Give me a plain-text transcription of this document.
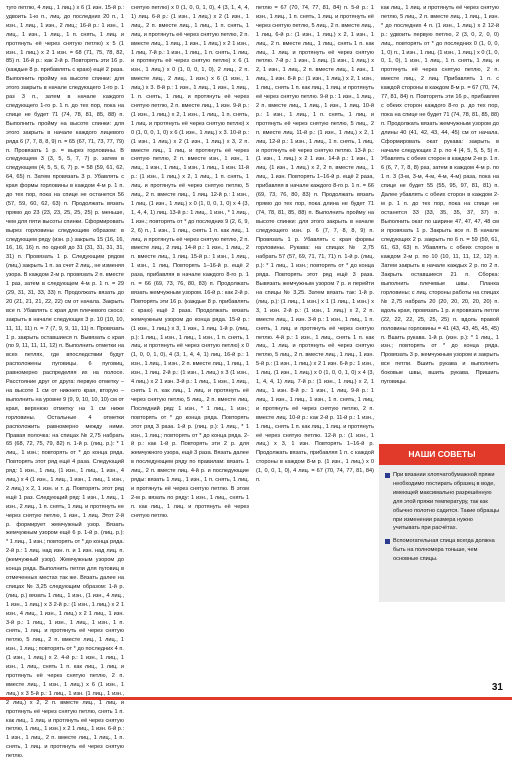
туго петлю, 4 лиц., 1 лиц.) х 6 (1 изн. 15-й р.: удвоить 1-ю п., лиц. до последних 20 п., 1 изн., 1 лиц., 1 изн., 2 лиц.; 16-й р.: 1 изн., 1 лиц., 1 изн., 1 лиц., 1 п. снять, 1 лиц. и протянуть её через снятую петлю) х 5 (1 изн., 1 лиц.) х 2 1 изн. = 68 (71, 75, 78, 82, 85) п. 16-й р.: как 2-й р. Повторять эти 16 р. (каждые 8 р. прибавлять с краю) ещё 2 раза. Выполнить пройму на высоте спинки: для этого закрыть в начале следующего 1-го р. 1 раз 3 п., затем в начале каждого следующего 1-го р. 1 п. до тех пор, пока на спице не будет 71 (74, 78, 81, 85, 88) п. Выполнить пройму на высоте спинки: для этого закрыть в начале каждого лицевого ряда 6 (7, 7, 8, 8, 9) п. = 65 (67, 71, 73, 77, 79) п. Провязать 1 р. = вырез горловины. В следующем 3 (3, 5, 5, 7, 7) р. затем в следующем (4, 5, 5, 6, 7) р. = 58 (59, 61, 62, 64, 65) п. Затем провязать 3 р. Убавлять с края формы горловины в каждом 4-м р. 1 п. до тех пор, пока на спице не останется 56 (57, 59, 60, 62, 63) п. Продолжать вязать прямо до 23 (23, 23, 25, 25, 25) р. меньше, чем для пяти высоты спинки. Сформировать вырез горловины следующим образом: в следующем ряду (изн. р.) закрыть 15 (16, 16, 16, 16, 16) п. по одной до 31 (31, 31, 31, 31, 31) п. Провязать 1 р. Следующим рядом (лиц.) закрыть 1 п. за счет 2 лиц., не изменяя узора. В каждом 2-м р. провязать 2 п. вместе 1 раз, затем в следующем 4-м р. 1 п. = 29 (29, 31, 31, 33, 33) п. Продолжать вязать до 20 (21, 21, 21, 22, 22) см от начала. Закрыть все п. Убавлять с края для плечевого скоса: закрыть в начале следующих 3 р. 10 (10, 10, 11, 11, 11) п. = 7 (7, 9, 9, 11, 11) п. Провязать 1 р. закрыть оставшиеся п. Вывязать с края (по 9, 11, 11, 11, 12) п. Выполнить отметки на всех петлях, где впоследствии будут расположены пуговицы. 6 пуговиц, равномерно распределяя их на полосе. Расстояние друг от друга: первую отметку – на высоте 1 см от нижнего края, вторую – выполнить на уровне 9 (9, 9, 10, 10, 10) см от края, верхнюю отметку на 1 см ниже горловины. Остальные 4 отметки расположить равномерно между ними. Правая полочка: на спицах № 2,75 набрать 65 (68, 72, 75, 79, 82) п. 1-й р. (лиц. р.): * 1 лиц., 1 изн.; повторять от * до конца ряда. Повторять этот ряд ещё 4 раза. Следующий ряд: 1 изн., 1 лиц. (1 изн., 1 лиц., 1 изн., 4 лиц.) х 4 (1 изн., 1 лиц., 1 изн., 1 лиц., 1 изн., 2 лиц.) х 2, 1 изн. и т. д. Повторять этот ряд ещё 1 раз. Следующий ряд: 1 изн., 1 лиц., 1 изн., 2 лиц., 1 п. снять, 1 лиц. и протянуть ее через снятую петлю, 1 изн., 1 лиц. Этот 2-й р. формирует жемчужный узор. Вязать жемчужным узором ещё 6 р. 1-й р. (лиц. р.): * 1 лиц., 1 изн.; повторять от * до конца ряда. 2-й р.: 1 лиц. над изн. п. и 1 изн. над лиц. п. (жемчужный узор). Жемчужным узором до конца ряда. Выполнить петли для пуговиц в отмеченных местах так же. Вязать далее на спицах № 3,25 следующим образом: 1-й р. (лиц. р.) вязать 1 лиц., 1 изн., (1 изн., 4 лиц., 1 изн., 1 лиц.) х 3 2-й р.: (1 изн., 1 лиц.) х 2 1 изн., 4 лиц., 1 изн., 1 лиц.) х 2 1 лиц., 1 изн. 3-й р.: 1 лиц., 1 изн., 1 лиц., 1 изн., 1 п. снять, 1 лиц. и протянуть её через снятую петлю, 5 лиц., 2 п. вместе лиц., 1 лиц., 1 изн., 1 лиц.; повторять от * до последних 4 п. (1 изн., 1 лиц.) х 2. 4-й р.: 1 изн., 1 лиц., 1 изн., 1 лиц., снять 1 п. как лиц., 1 лиц. и протянуть её через снятую петлю, 2 п. вместе лиц., 1 изн., 1 лиц.) х 6 (1 изн., 1 лиц.) х 3 5-й р.: 1 лиц., 1 изн. (1 лиц., 1 изн., 2 лиц.) х 2, 2 п. вместе лиц., 1 лиц. и протянуть её через снятую петлю, снять 1 п. как лиц., 1 лиц. и протянуть её через снятую петлю, 1 лиц., 1 изн.) х 2 1 лиц., 1 изн. 6-й р.: 1 изн., 1 лиц., 2 п. вместе лиц., 1 лиц., 1 п. снять, 1 лиц. и протянуть её через снятую петлю.

снятую петлю) х 0 (1, 0, 0, 1, 0), 4 (3, 1, 4, 4, 1) лиц. 6-й р.: (1 изн., 1 лиц.) х 2 (1 изн., 1 лиц., 2 п. вместе лиц., 1 лиц., 1 п. снять, 1 лиц. и протянуть её через снятую петлю, 2 п. вместе лиц., 1 лиц., 1 изн., 1 лиц.) х 2 1 изн., 1 лиц. 7-й р.: 1 изн., 1 лиц., 1 п. снять, 1 лиц. и протянуть её через снятую петлю) х 6 (1 изн., 1 лиц.) х 0 (1, 0, 0, 1, 0), 2 лиц., 2 п. вместе лиц., 2 лиц., 1 изн.) х 6 (1 изн., 1 лиц.) х 3. 8-й р.: 1 изн., 1 лиц., 1 изн., 1 лиц., 1 п. снять, 1 лиц. и протянуть её через снятую петлю, 2 п. вместе лиц., 1 изн. 9-й р.: (1 изн., 1 лиц.) х 2, 1 изн., 1 лиц., 1 п. снять, 1 лиц. и протянуть её через снятую петлю) х 0 (1, 0, 0, 1, 0) х 6 (1 изн., 1 лиц.) х 3. 10-й р.: (1 изн., 1 лиц.) х 2 (1 изн., 1 лиц.) х 3, 2 п. вместе лиц., 1 лиц. и протянуть её через снятую петлю, 2 п. вместе изн., 1 изн., 1 лиц., 1 изн., 1 лиц., 1 изн., 1 лиц., 1 изн. 11-й р.: (1 изн., 1 лиц.) х 2, 1 лиц., 1 п. снять, 1 лиц. и протянуть её через снятую петлю, 5 лиц., 2 п. вместе лиц., 1 лиц. 12-й р.: 1 изн., 1 лиц. (1 изн., 1 лиц.) х 0 (1, 0, 0, 1, 0) х 4 (3, 1, 4, 4, 1) лиц. 13-й р.: 1 лиц., 1 изн., * 1 лиц., 1 изн.; повторять от * до последних 9 (2, 6, 9, 2, 6) п., 1 изн., 1 лиц., снять 1 п. как лиц., 1 лиц. и протянуть её через снятую петлю, 2 п. вместе лиц., 2 лиц. 14-й р.: 1 изн., 1 лиц., 2 п. вместе лиц., 1 лиц. 15-й р.: 1 изн., 1 лиц., 1 изн., 1 лиц. Повторять 1–16-й р. ещё 2 раза, прибавляя в начале каждого 8-го р. 1 п. = 66 (69, 73, 76, 80, 83) п. Продолжать вязать жемчужным узором. 16-й р.: как 2-й р. Повторять эти 16 р. (каждые 8 р. прибавлять с краю) ещё 2 раза. Продолжать вязать жемчужным узором до конца ряда. 15-й р.: (1 изн., 1 лиц.) х 3, 1 изн., 1 лиц. 1-й р. (лиц. р.): 1 лиц., 1 изн., 1 лиц., 1 изн., 1 п. снять, 1 лиц. и протянуть её через снятую петлю) х 0 (1, 0, 0, 1, 0), 4 (3, 1, 4, 4, 1) лиц. 16-й р.: 1 изн., 1 лиц., 1 изн., 2 п. вместе лиц., 1 лиц., 1 изн., 1 лиц. 2-й р.: (1 изн., 1 лиц.) х 3 (1 изн., 4 лиц.) х 2 1 изн. 3-й р.: 1 лиц., 1 изн., 1 лиц., снять 1 п. как лиц., 1 лиц. и протянуть её через снятую петлю, 5 лиц., 2 п. вместе лиц. Последний ряд: 1 изн., * 1 лиц., 1 изн.; повторять от * до конца ряда. Повторять этот ряд 3 раза. 1-й р. (лиц. р.): 1 лиц., * 1 изн., 1 лиц.; повторять от * до конца ряда. 2-й р.: как 1-й р. Повторять эти 2 р. для жемчужного узора, ещё 3 раза. Вязать далее в последующем ряду по правилам: вязать 1 лиц., 2 п. вместе лиц. 4-й р. и последующие ряды: вязать 1 лиц., 1 изн., 1 п. снять, 1 лиц. и протянуть её через снятую петлю. В этом 2-м р. вязать по ряду: 1 изн., 1 лиц., снять 1 п. как лиц., 1 лиц. и протянуть её через снятую петлю.

петлю = 67 (70, 74, 77, 81, 84) п. 5-й р.: 1 изн., 1 лиц., 1 п. снять, 1 лиц. и протянуть её через снятую петлю, 5 лиц., 2 п. вместе лиц., 1 лиц. 6-й р.: (1 изн., 1 лиц.) х 2, 1 изн., 1 лиц., 2 п. вместе лиц., 1 лиц., снять 1 п. как лиц., 1 лиц. и протянуть её через снятую петлю. 7-й р.: 1 изн., 1 лиц. (1 изн., 1 лиц.) х 2, 1 изн., 1 лиц., 2 п. вместе лиц., 1 изн., 1 лиц., 1 изн. 8-й р.: (1 изн., 1 лиц.) х 2, 1 изн., 1 лиц., снять 1 п. как лиц., 1 лиц. и протянуть её через снятую петлю. 9-й р.: 1 изн., 1 лиц., 2 п. вместе лиц., 1 лиц., 1 изн., 1 лиц. 10-й р.: 1 изн., 1 лиц., 1 п. снять, 1 лиц. и протянуть её через снятую петлю, 5 лиц., 2 п. вместе лиц. 11-й р.: (1 изн., 1 лиц.) х 2, 1 лиц. 12-й р.: 1 изн., 1 лиц., 1 п. снять, 1 лиц. и протянуть её через снятую петлю. 13-й р.: (1 изн., 1 лиц.) х 2 1 изн. 14-й р.: 1 изн., 1 лиц. (1 изн., 1 лиц.) х 2, 2 п. вместе лиц., 1 лиц., 1 изн. Повторять 1–16-й р. ещё 2 раза, прибавляя в начале каждого 8-го р. 1 п. = 66 (69, 73, 76, 80, 83) п. Продолжать вязать прямо до тех пор, пока длина не будет 71 (74, 78, 81, 85, 88) п. Выполнить пройму на высоте спинки: для этого закрыть в начале следующего изн. р. 6 (7, 7, 8, 8, 9) п. Провязать 1 р. Убавлять с края формы горловины. Рукава: на спицах № 2,75 набрать 57 (57, 69, 71, 71, 71) п. 1-й р. (лиц. р.): * 1 лиц., 1 изн.; повторять от * до конца ряда. Повторять этот ряд ещё 3 раза. Вывязать жемчужным узором 7 р. и перейти на спицы № 3,25. Затем вязать так: 1-й р. (лиц. р.): (1 лиц., 1 изн.) х 1 (1 лиц., 1 изн.) х 3, 1 изн. 2-й р.: (1 изн., 1 лиц.) х 2, 2 п. вместе лиц., 1 изн. 3-й р.: 1 изн., 1 лиц., 1 п. снять, 1 лиц. и протянуть её через снятую петлю. 4-й р.: 1 изн., 1 лиц., снять 1 п. как лиц., 1 лиц. и протянуть её через снятую петлю, 5 лиц., 2 п. вместе лиц., 1 лиц., 1 изн. 5-й р.: (1 изн., 1 лиц.) х 2 1 изн. 6-й р.: 1 изн., 1 лиц. (1 изн., 1 лиц.) х 0 (1, 0, 0, 1, 0) х 4 (3, 1, 4, 4, 1) лиц. 7-й р.: (1 изн., 1 лиц.) х 2, 1 лиц., 1 изн. 8-й р.: 1 изн., 1 лиц. 9-й р.: 1 лиц., 1 изн., 1 лиц., 1 изн., 1 п. снять, 1 лиц. и протянуть её через снятую петлю, 2 п. вместе лиц. 10-й р.: как 2-й р. 11-й р.: 1 изн., 1 лиц., снять 1 п. как лиц., 1 лиц. и протянуть её через снятую петлю. 12-й р.: (1 изн., 1 лиц.) х 3, 1 изн. Повторять 1–16-й р. Продолжать вязать, прибавляя 1 п. с каждой стороны в каждом 8-м р. (1 изн., 1 лиц.) х 0 (1, 0, 0, 1, 0), 4 лиц. = 67 (70, 74, 77, 81, 84) п.

как лиц., 1 лиц. и протянуть её через снятую петлю, 5 лиц., 2 п. вместе лиц., 1 лиц., 1 изн. * до последних 4 п. (1 изн., 1 лиц.) х 2 12-й р.: удвоить первую петлю, 2 (3, 0, 2, 0, 0) лиц., повторять от * до последних 0 (1, 0, 0, 1, 0) п., 1 изн., 1 лиц. (1 изн., 1 лиц.) х 0 (1, 0, 0, 1, 0), 1 изн., 1 лиц., 1 п. снять, 1 лиц. и протянуть её через снятую петлю, 2 п. вместе лиц., 2 лиц. Прибавлять 1 п. с каждой стороны в каждом 8-м р. = 67 (70, 74, 77, 81, 84) п. Повторять эти 16 р., прибавляя с обеих сторон каждого 8-го р. до тех пор, пока на спице не будет 71 (74, 78, 81, 85, 88) п. Продолжать вязать жемчужным узором до длины 40 (41, 42, 43, 44, 45) см от начала. Сформировать окат рукава: закрыть в начале следующих 2 р. по 4 (4, 5, 5, 5, 5) п. Убавлять с обеих сторон в каждом 2-м р. 1 п. 6 (6, 7, 7, 8, 8) раз, затем в каждом 4-м р. по 1 п. 3 (3-м, 3-м, 4-м, 4-м, 4-м) раза, пока на спице не будет 55 (55, 95, 97, 81, 81) п. Далее убавлять с обеих сторон в каждом 2-м р. 1 п. до тех пор, пока на спице не останется 33 (33, 35, 35, 37, 37) п. Выполнить окат по ширине 47, 47, 47, 48 см и провязать 1 р. Закрыть все п. В начале следующих 2 р. закрыть по 6 п. = 59 (59, 61, 61, 63, 63) п. Убавлять с обеих сторон в каждом 2-м р. по 10 (10, 11, 11, 12, 12) п. Затем закрыть в начале каждых 2 р. по 2 п. Закрыть оставшиеся 21 п. Сборка: выполнить плечевые швы. Планка горловины: с лиц. стороны работы на спицах № 2,75 набрать 20 (20, 20, 20, 20, 20) п. вдоль края, провязать 1 р. и провязать петли (22, 22, 22, 25, 25, 25) п. вдоль правой половины горловины = 41 (43, 43, 45, 45, 45) п. Вшить рукава. 1-й р. (изн. р.): * 1 лиц., 1 изн.; повторять от * до конца ряда. Провязать 3 р. жемчужным узором и закрыть все петли. Вшить рукава и выполнить боковые швы, вшить рукава. Пришить пуговицы.

НАШИ СОВЕТЫ
При вязании хлопчатобумажной пряжи необходимо постирать образец в воде, имеющей максимально разрешённую для этой пряжи температуру, так как обычно полотно садится. Такие образцы при изменении размера нужно учитывать при расчётах.
Вспомогательная спица всегда должна быть на полномера тоньше, чем основные спицы.
31
